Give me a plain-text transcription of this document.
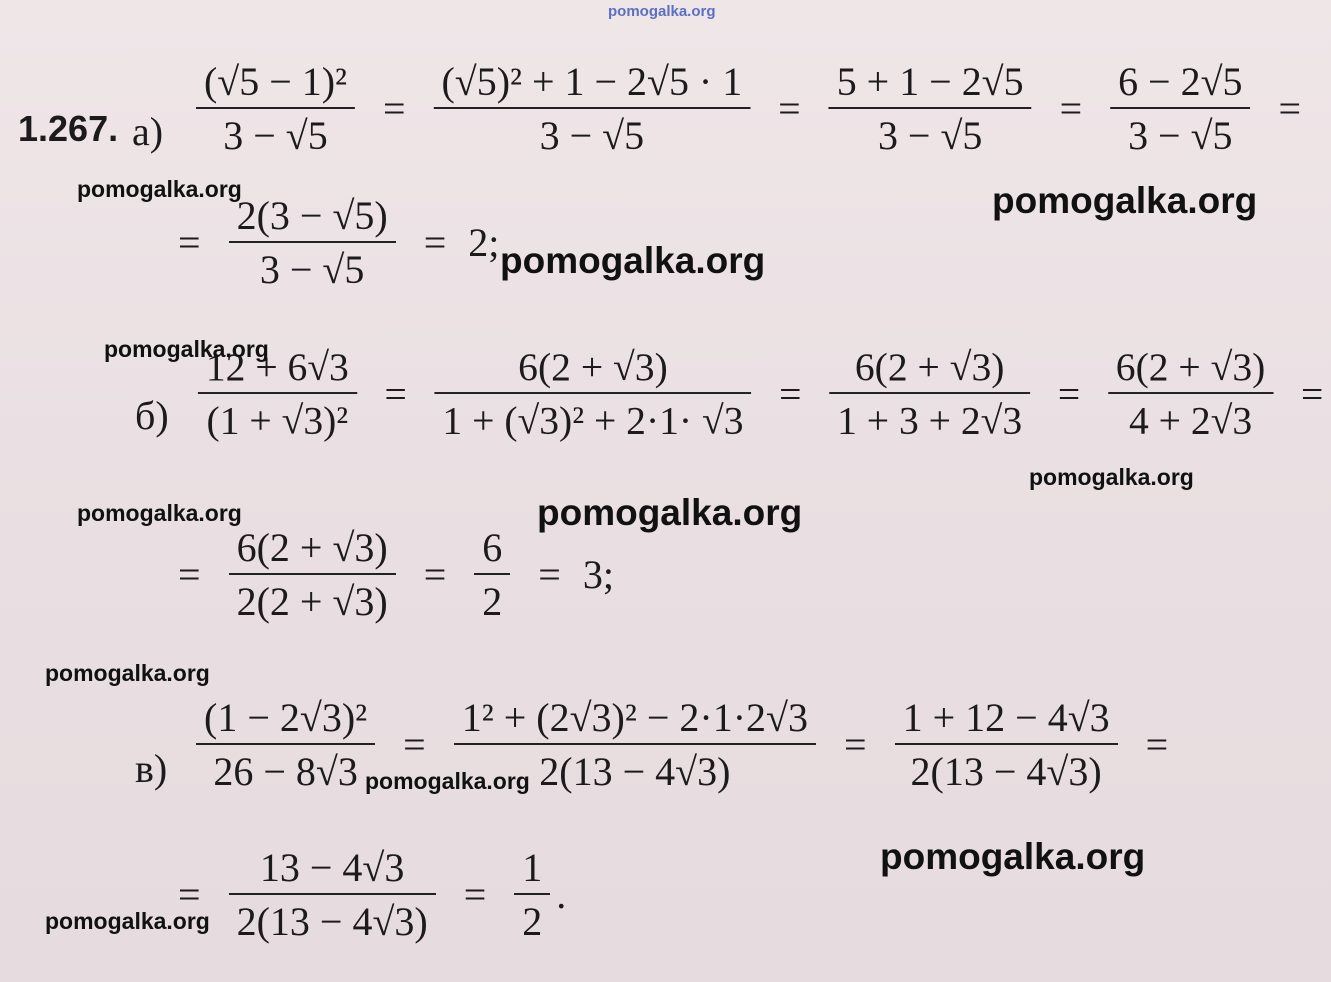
pomogalka.org
1.267. $а) \frac{\text{(√5 − 1)²}}{3 - √5} = \frac{\text{(√5)² + 1 − 2√5 · 1}}{3 - √5} = \frac{5 + 1 - 2√5}{3 - √5} = \frac{6 - 2√5}{3 - √5}$ =
= $\frac{2(3 - √5)}{3 - √5} = 2$;
$б) \frac{12 + 6√3}{\text{(1 + √3)²}} = \frac{6(2 + √3)}{\text{1 + (√3)² + 2·1· √3}} = \frac{6(2 + √3)}{1 + 3 + 2√3} = \frac{6(2 + √3)}{4 + 2√3}$ =
= $\frac{6(2 + √3)}{2(2 + √3)} = \frac{6}{2} = 3$;
$в) \frac{\text{(1 − 2√3)²}}{26 - 8√3} = \frac{\text{1² + (2√3)² − 2·1·2√3}}{2(13 - 4√3)} = \frac{1 + 12 - 4√3}{2(13 - 4√3)}$ =
= $\frac{13 - 4√3}{2(13 - 4√3)} = \frac{1}{2}$ .
pomogalka.org	pomogalka.org
pomogalka.org
pomogalka.org
pomogalka.org
pomogalka.org	pomogalka.org
pomogalka.org
pomogalka.org
pomogalka.org
pomogalka.org
